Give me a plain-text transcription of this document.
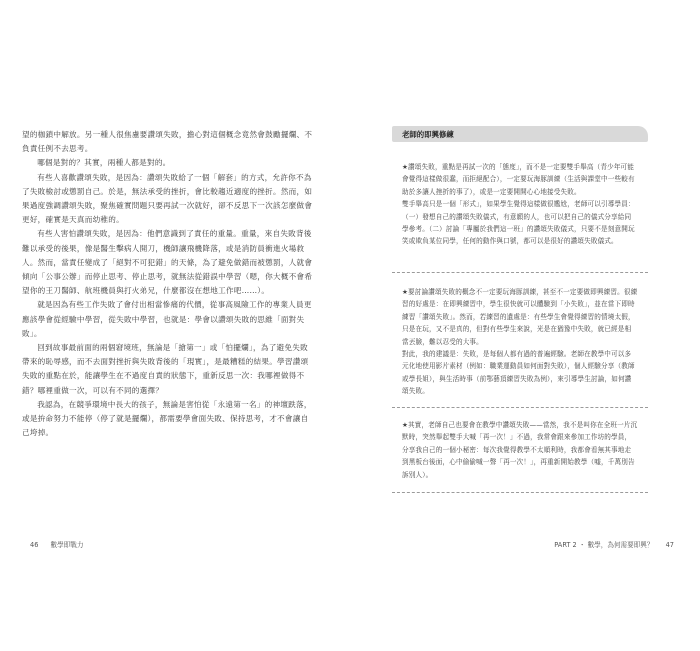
望的枷鎖中解放。另一種人很焦慮要讚頌失敗，擔心對這個概念竟然會鼓勵擺爛、不負責任例不去思考。

哪個是對的？其實，兩種人都是對的。

有些人喜歡讚頌失敗，是因為：讚頌失敗給了一個「解套」的方式，允許你不為了失敗檢討或懲罰自己。於是，無法承受的挫折，會比較趨近適度的挫折。然而，如果過度強調讚頌失敗，聚焦確實問題只要再試一次就好，卻不反思下一次該怎麼做會更好，確實是天真而幼稚的。

有些人害怕讚頌失敗，是因為：他們意識到了責任的重量。重量，來自失敗背後難以承受的後果，像是醫生擊病人開刀，機師讓飛機降落，或是消防員衝進火場救人。然而，當責任變成了「絕對不可犯錯」的天條，為了避免做錯而被懲罰，人就會傾向「公事公辦」而停止思考、停止思考，就無法從錯誤中學習（嗯，你大概不會希望你的王刀醫師、航班機員與打火弟兄，什麼都沒在想地工作吧……）。

就是因為有些工作失敗了會付出相當慘痛的代價，從事高風險工作的專業人員更應該學會從經驗中學習，從失敗中學習，也就是：學會以讚頌失敗的思維「面對失敗」。

回到故事最前面的兩個窘境班，無論是「搶第一」或「怕擺爛」，為了避免失敗帶來的恥辱感，而不去面對挫折與失敗背後的「現實」，是最糟糕的結果。學習讚頌失敗的重點在於，能讓學生在不過度自責的狀態下，重新反思一次：我哪裡做得不錯？哪裡重做一次，可以有不同的選擇？

我認為，在競爭環境中長大的孩子，無論是害怕從「永遠第一名」的神壇跌落，或是拚命努力不能停（停了就是擺爛），都需要學會面失敗、保持思考，才不會讓自己垮掉。

46 數學即戰力
老師的即興修練

★讚頌失敗，重點是再試一次的「態度」，而不是一定要雙手舉高（青少年可能會覺得這樣做很蠢，而拒絕配合），一定要玩海豚訓練（生活與課堂中一些較有助於多讓人挫折的事了），或是一定要開開心心地接受失敗。

雙手舉高只是一個「形式」，如果學生覺得這樣做很尷尬，老師可以引導學員：（一）發想自己的讚頌失敗儀式，有意願的人，也可以把自己的儀式分享給同學參考。（二）討論「專屬於我們這一班」的讚頌失敗儀式，只要不是刻意開玩笑或欺負某位同學，任何的動作與口號，都可以是很好的讚頌失敗儀式。

★要討論讚頌失敗的概念不一定要玩海豚訓練，甚至不一定要做即興練習。很練習的好處是：在即興練習中，學生很快就可以體驗到「小失敗」，並在當下即時練習「讚頌失敗」。然而，若練習的遺處是：有些學生會覺得練習的情境太假，只是在玩，又不是真的，但對有些學生來說，光是在猶豫中失敗，就已經是相當丟臉，難以忍受的大事。

對此，我的建議是：失敗，是每個人都有過的普遍經驗。老師在教學中可以多元化地使用影片素材（例如：職業運動員如何面對失敗），個人經驗分享（教師或學長姐），與生活時事（前鄂藝頂練習失敗為例），來引導學生討論，如何讚頌失敗。

★其實，老師自己也要會在教學中讚頌失敗——當然，我不是叫你在全班一片沉默時，突然舉起雙手大喊「再一次！」不過，我常會跟來參加工作坊的學員，分享我自己的一個小秘密：每次我覺得教學不太順利時，我都會看無其事地走到黑板台後面，心中偷偷喊一聲「再一次！」，再重新開始教學（嘘，千萬別告訴別人）。

PART 2 ・ 數學，為何需要即興？ 47
